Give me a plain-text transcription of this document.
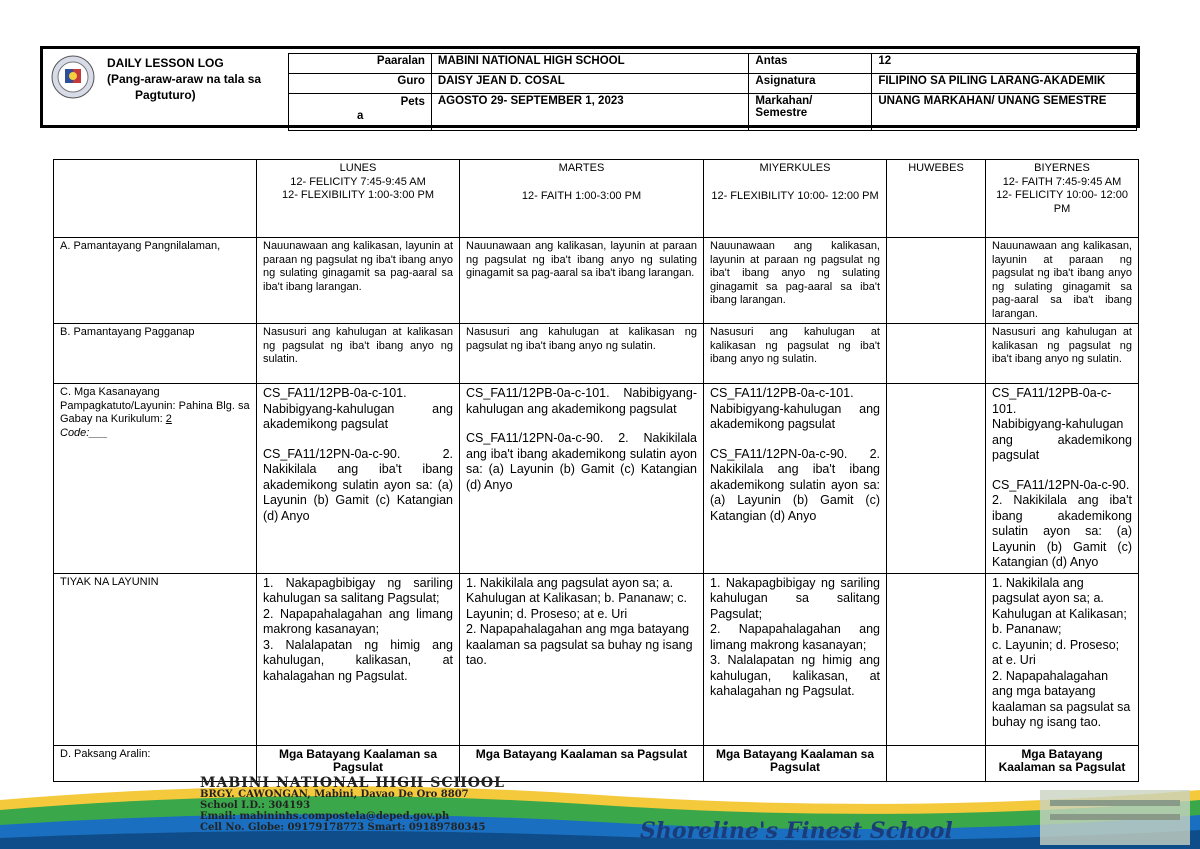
DAILY LESSON LOG
(Pang-araw-araw na tala sa
Pagtuturo)
Paaralan	MABINI NATIONAL HIGH SCHOOL	Antas	12
Guro	DAISY JEAN D. COSAL	Asignatura	FILIPINO SA PILING LARANG-AKADEMIK

Pets
a	AGOSTO 29- SEPTEMBER 1, 2023	Markahan/ Semestre	UNANG MARKAHAN/ UNANG SEMESTRE

	LUNES
12- FELICITY 7:45-9:45 AM
12- FLEXIBILITY 1:00-3:00 PM	MARTES
12- FAITH 1:00-3:00 PM	MIYERKULES
12- FLEXIBILITY 10:00- 12:00 PM	HUWEBES	BIYERNES
12- FAITH 7:45-9:45 AM
12- FELICITY 10:00- 12:00
PM

A. Pamantayang Pangnilalaman,	Nauunawaan ang kalikasan, layunin at paraan ng pagsulat ng iba't ibang anyo ng sulating ginagamit sa pag-aaral sa iba't ibang larangan.	Nauunawaan ang kalikasan, layunin at paraan ng pagsulat ng iba't ibang anyo ng sulating ginagamit sa pag-aaral sa iba't ibang larangan.	Nauunawaan ang kalikasan, layunin at paraan ng pagsulat ng iba't ibang anyo ng sulating ginagamit sa pag-aaral sa iba't ibang larangan.		Nauunawaan ang kalikasan, layunin at paraan ng pagsulat ng iba't ibang anyo ng sulating ginagamit sa pag-aaral sa iba't ibang larangan.
B. Pamantayang Pagganap	Nasusuri ang kahulugan at kalikasan ng pagsulat ng iba't ibang anyo ng sulatin.	Nasusuri ang kahulugan at kalikasan ng pagsulat ng iba't ibang anyo ng sulatin.	Nasusuri ang kahulugan at kalikasan ng pagsulat ng iba't ibang anyo ng sulatin.		Nasusuri ang kahulugan at kalikasan ng pagsulat ng iba't ibang anyo ng sulatin.

C. Mga Kasanayang
Pampagkatuto/Layunin: Pahina Blg. sa Gabay na Kurikulum: 2
Code:___	CS_FA11/12PB-0a-c-101.
Nabibigyang-kahulugan ang akademikong pagsulat
CS_FA11/12PN-0a-c-90. 2. Nakikilala ang iba't ibang akademikong sulatin ayon sa: (a) Layunin (b) Gamit (c) Katangian (d) Anyo	CS_FA11/12PB-0a-c-101. Nabibigyang-kahulugan ang akademikong pagsulat
CS_FA11/12PN-0a-c-90. 2. Nakikilala ang iba't ibang akademikong sulatin ayon sa: (a) Layunin (b) Gamit (c) Katangian (d) Anyo	CS_FA11/12PB-0a-c-101.
Nabibigyang-kahulugan ang akademikong pagsulat
CS_FA11/12PN-0a-c-90. 2. Nakikilala ang iba't ibang akademikong sulatin ayon sa: (a) Layunin (b) Gamit (c) Katangian (d) Anyo		CS_FA11/12PB-0a-c-101.
Nabibigyang-kahulugan ang akademikong pagsulat
CS_FA11/12PN-0a-c-90.
2. Nakikilala ang iba't ibang akademikong sulatin ayon sa: (a) Layunin (b) Gamit (c) Katangian (d) Anyo

TIYAK NA LAYUNIN	1. Nakapagbibigay ng sariling kahulugan sa salitang Pagsulat;
2. Napapahalagahan ang limang makrong kasanayan;
3. Nalalapatan ng himig ang kahulugan, kalikasan, at kahalagahan ng Pagsulat.	1. Nakikilala ang pagsulat ayon sa; a. Kahulugan at Kalikasan; b. Pananaw; c. Layunin; d. Proseso; at e. Uri
2. Napapahalagahan ang mga batayang kaalaman sa pagsulat sa buhay ng isang tao.	1. Nakapagbibigay ng sariling kahulugan sa salitang Pagsulat;
2. Napapahalagahan ang limang makrong kasanayan;
3. Nalalapatan ng himig ang kahulugan, kalikasan, at kahalagahan ng Pagsulat.		1. Nakikilala ang pagsulat ayon sa; a. Kahulugan at Kalikasan; b. Pananaw;
c. Layunin; d. Proseso; at e. Uri
2. Napapahalagahan ang mga batayang kaalaman sa pagsulat sa buhay ng isang tao.

D. Paksang Aralin:	Mga Batayang Kaalaman sa Pagsulat	Mga Batayang Kaalaman sa Pagsulat	Mga Batayang Kaalaman sa Pagsulat		Mga Batayang Kaalaman sa Pagsulat
MABINI NATIONAL HIGH SCHOOL
BRGY. CAWONGAN, Mabini, Davao De Oro 8807
School I.D.: 304193
Email: mabininhs.compostela@deped.gov.ph
Cell No. Globe: 09179178773 Smart: 09189780345	Shoreline's Finest School
